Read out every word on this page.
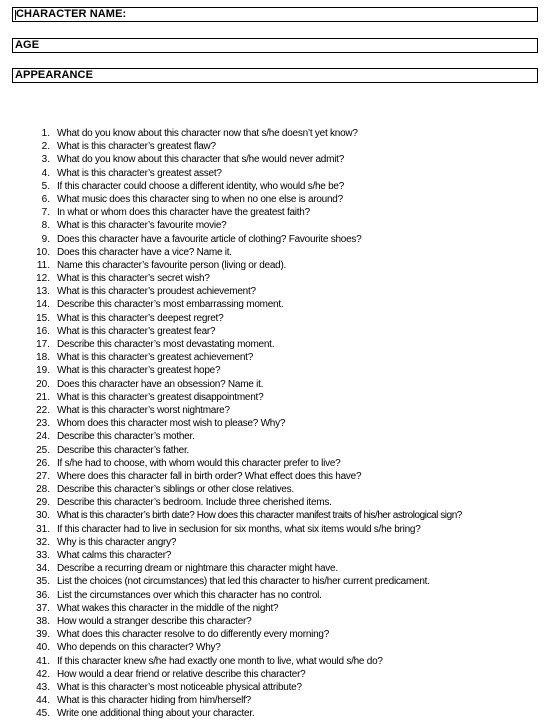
CHARACTER NAME:
AGE
APPEARANCE
1. What do you know about this character now that s/he doesn’t yet know?
2. What is this character’s greatest flaw?
3. What do you know about this character that s/he would never admit?
4. What is this character’s greatest asset?
5. If this character could choose a different identity, who would s/he be?
6. What music does this character sing to when no one else is around?
7. In what or whom does this character have the greatest faith?
8. What is this character’s favourite movie?
9. Does this character have a favourite article of clothing? Favourite shoes?
10. Does this character have a vice? Name it.
11. Name this character’s favourite person (living or dead).
12. What is this character’s secret wish?
13. What is this character’s proudest achievement?
14. Describe this character’s most embarrassing moment.
15. What is this character’s deepest regret?
16. What is this character’s greatest fear?
17. Describe this character’s most devastating moment.
18. What is this character’s greatest achievement?
19. What is this character’s greatest hope?
20. Does this character have an obsession? Name it.
21. What is this character’s greatest disappointment?
22. What is this character’s worst nightmare?
23. Whom does this character most wish to please? Why?
24. Describe this character’s mother.
25. Describe this character’s father.
26. If s/he had to choose, with whom would this character prefer to live?
27. Where does this character fall in birth order? What effect does this have?
28. Describe this character’s siblings or other close relatives.
29. Describe this character’s bedroom. Include three cherished items.
30. What is this character’s birth date? How does this character manifest traits of his/her astrological sign?
31. If this character had to live in seclusion for six months, what six items would s/he bring?
32. Why is this character angry?
33. What calms this character?
34. Describe a recurring dream or nightmare this character might have.
35. List the choices (not circumstances) that led this character to his/her current predicament.
36. List the circumstances over which this character has no control.
37. What wakes this character in the middle of the night?
38. How would a stranger describe this character?
39. What does this character resolve to do differently every morning?
40. Who depends on this character? Why?
41. If this character knew s/he had exactly one month to live, what would s/he do?
42. How would a dear friend or relative describe this character?
43. What is this character’s most noticeable physical attribute?
44. What is this character hiding from him/herself?
45. Write one additional thing about your character.
